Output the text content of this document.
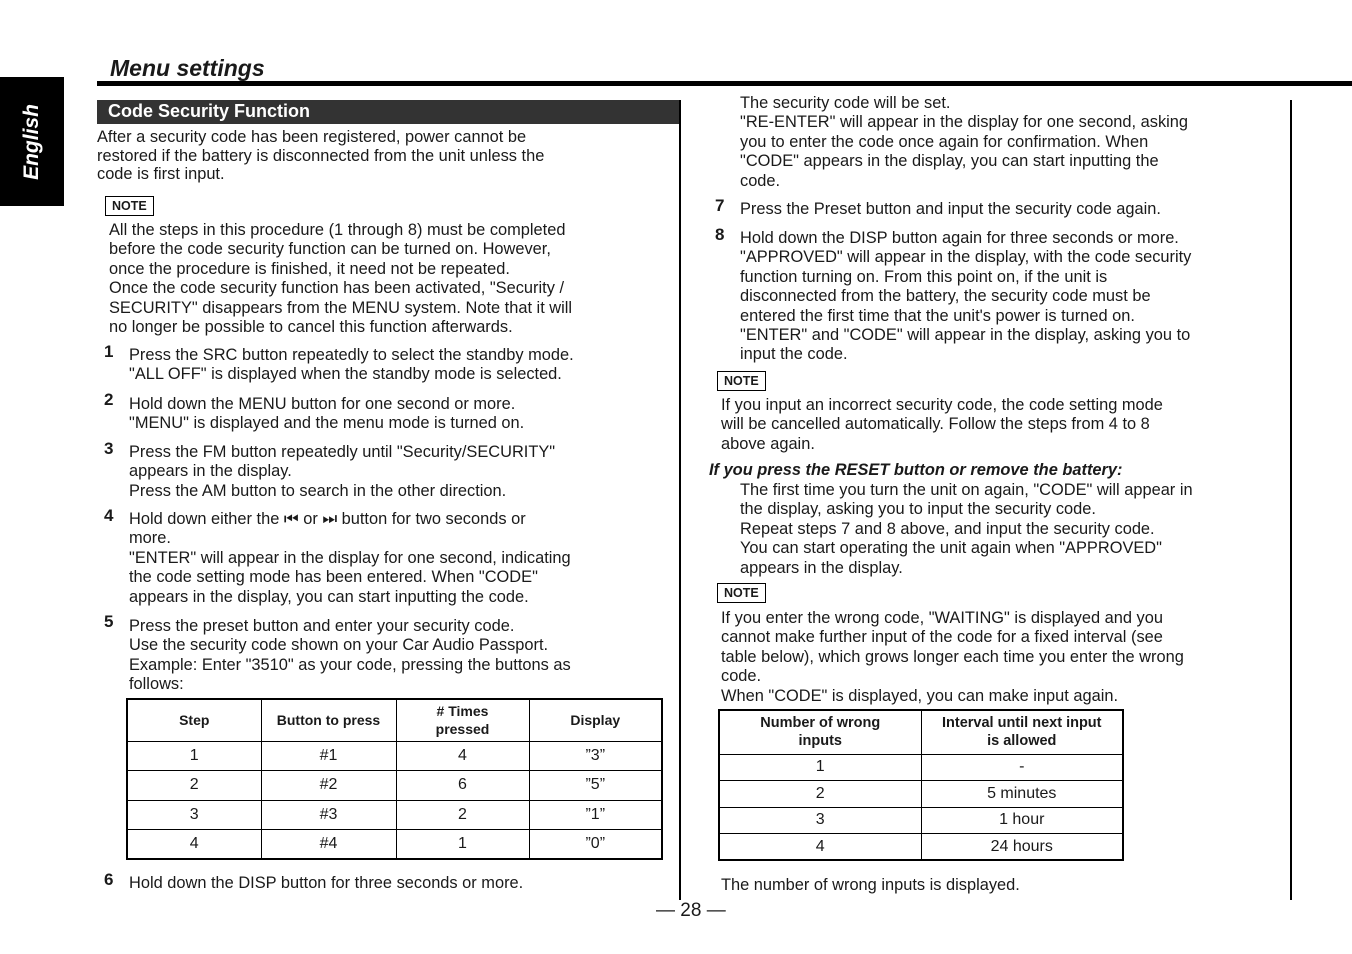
English
Menu settings
Code Security Function
After a security code has been registered, power cannot be
restored if the battery is disconnected from the unit unless the
code is first input.
NOTE
All the steps in this procedure (1 through 8) must be completed
before the code security function can be turned on. However,
once the procedure is finished, it need not be repeated.
Once the code security function has been activated, "Security /
SECURITY" disappears from the MENU system. Note that it will
no longer be possible to cancel this function afterwards.
1 Press the SRC button repeatedly to select the standby mode.
"ALL OFF" is displayed when the standby mode is selected.
2 Hold down the MENU button for one second or more.
"MENU" is displayed and the menu mode is turned on.
3 Press the FM button repeatedly until "Security/SECURITY"
appears in the display.
Press the AM button to search in the other direction.
4 Hold down either the ⏮ or ⏭ button for two seconds or
more.
"ENTER" will appear in the display for one second, indicating
the code setting mode has been entered. When "CODE"
appears in the display, you can start inputting the code.
5 Press the preset button and enter your security code.
Use the security code shown on your Car Audio Passport.
Example: Enter "3510" as your code, pressing the buttons as
follows:
Step	Button to press	# Times
pressed	Display
1	#1	4	”3”
2	#2	6	”5”
3	#3	2	”1”
4	#4	1	”0”
6 Hold down the DISP button for three seconds or more.
The security code will be set.
"RE-ENTER" will appear in the display for one second, asking
you to enter the code once again for confirmation. When
"CODE" appears in the display, you can start inputting the
code.
7 Press the Preset button and input the security code again.
8 Hold down the DISP button again for three seconds or more.
"APPROVED" will appear in the display, with the code security
function turning on. From this point on, if the unit is
disconnected from the battery, the security code must be
entered the first time that the unit's power is turned on.
"ENTER" and "CODE" will appear in the display, asking you to
input the code.
NOTE
If you input an incorrect security code, the code setting mode
will be cancelled automatically. Follow the steps from 4 to 8
above again.
If you press the RESET button or remove the battery:
The first time you turn the unit on again, "CODE" will appear in
the display, asking you to input the security code.
Repeat steps 7 and 8 above, and input the security code.
You can start operating the unit again when "APPROVED"
appears in the display.
NOTE
If you enter the wrong code, "WAITING" is displayed and you
cannot make further input of the code for a fixed interval (see
table below), which grows longer each time you enter the wrong
code.
When "CODE" is displayed, you can make input again.
Number of wrong
inputs	Interval until next input
is allowed
1	-
2	5 minutes
3	1 hour
4	24 hours
The number of wrong inputs is displayed.
— 28 —
